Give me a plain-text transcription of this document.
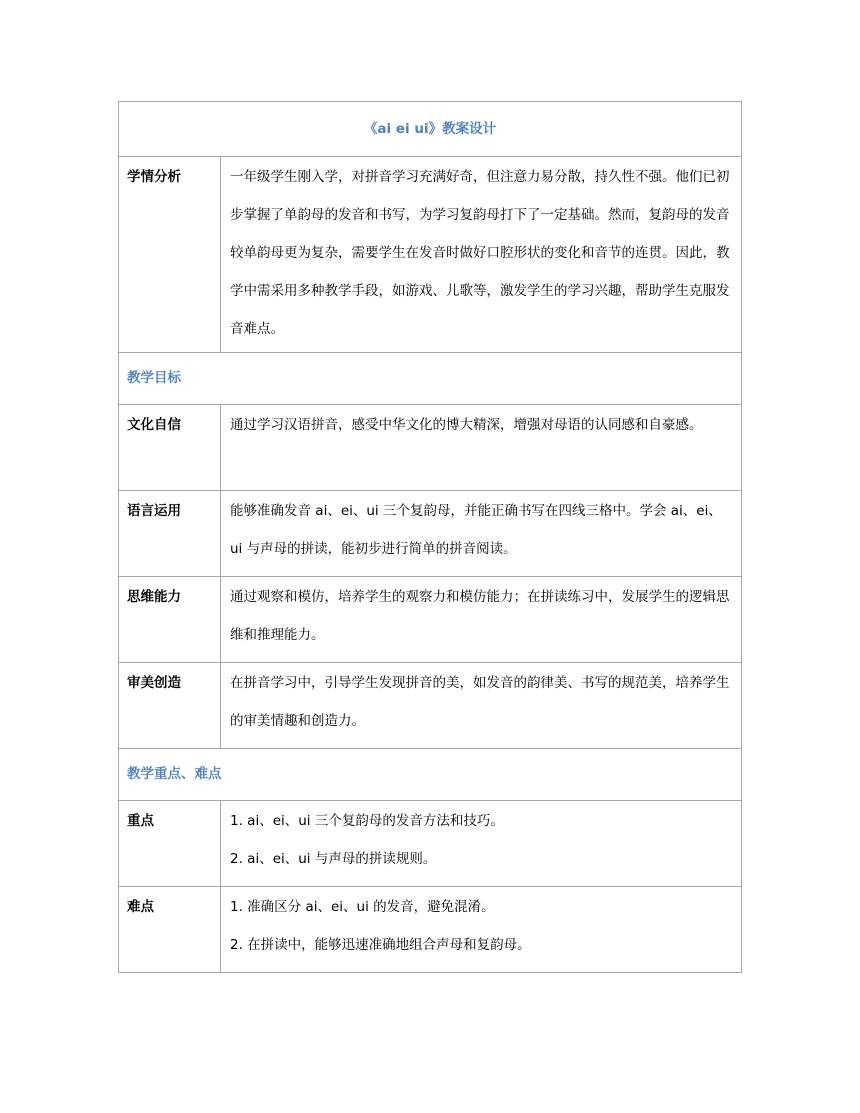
《ai ei ui》教案设计	
学情分析	一年级学生刚入学，对拼音学习充满好奇，但注意力易分散，持久性不强。他们已初步掌握了单韵母的发音和书写，为学习复韵母打下了一定基础。然而，复韵母的发音较单韵母更为复杂，需要学生在发音时做好口腔形状的变化和音节的连贯。因此，教学中需采用多种教学手段，如游戏、儿歌等，激发学生的学习兴趣，帮助学生克服发音难点。
教学目标	
文化自信	通过学习汉语拼音，感受中华文化的博大精深，增强对母语的认同感和自豪感。
语言运用	能够准确发音 ai、ei、ui 三个复韵母，并能正确书写在四线三格中。学会 ai、ei、ui 与声母的拼读，能初步进行简单的拼音阅读。
思维能力	通过观察和模仿，培养学生的观察力和模仿能力；在拼读练习中，发展学生的逻辑思维和推理能力。
审美创造	在拼音学习中，引导学生发现拼音的美，如发音的韵律美、书写的规范美，培养学生的审美情趣和创造力。
教学重点、难点	
重点	1. ai、ei、ui 三个复韵母的发音方法和技巧。

2. ai、ei、ui 与声母的拼读规则。

难点	1. 准确区分 ai、ei、ui 的发音，避免混淆。

2. 在拼读中，能够迅速准确地组合声母和复韵母。
